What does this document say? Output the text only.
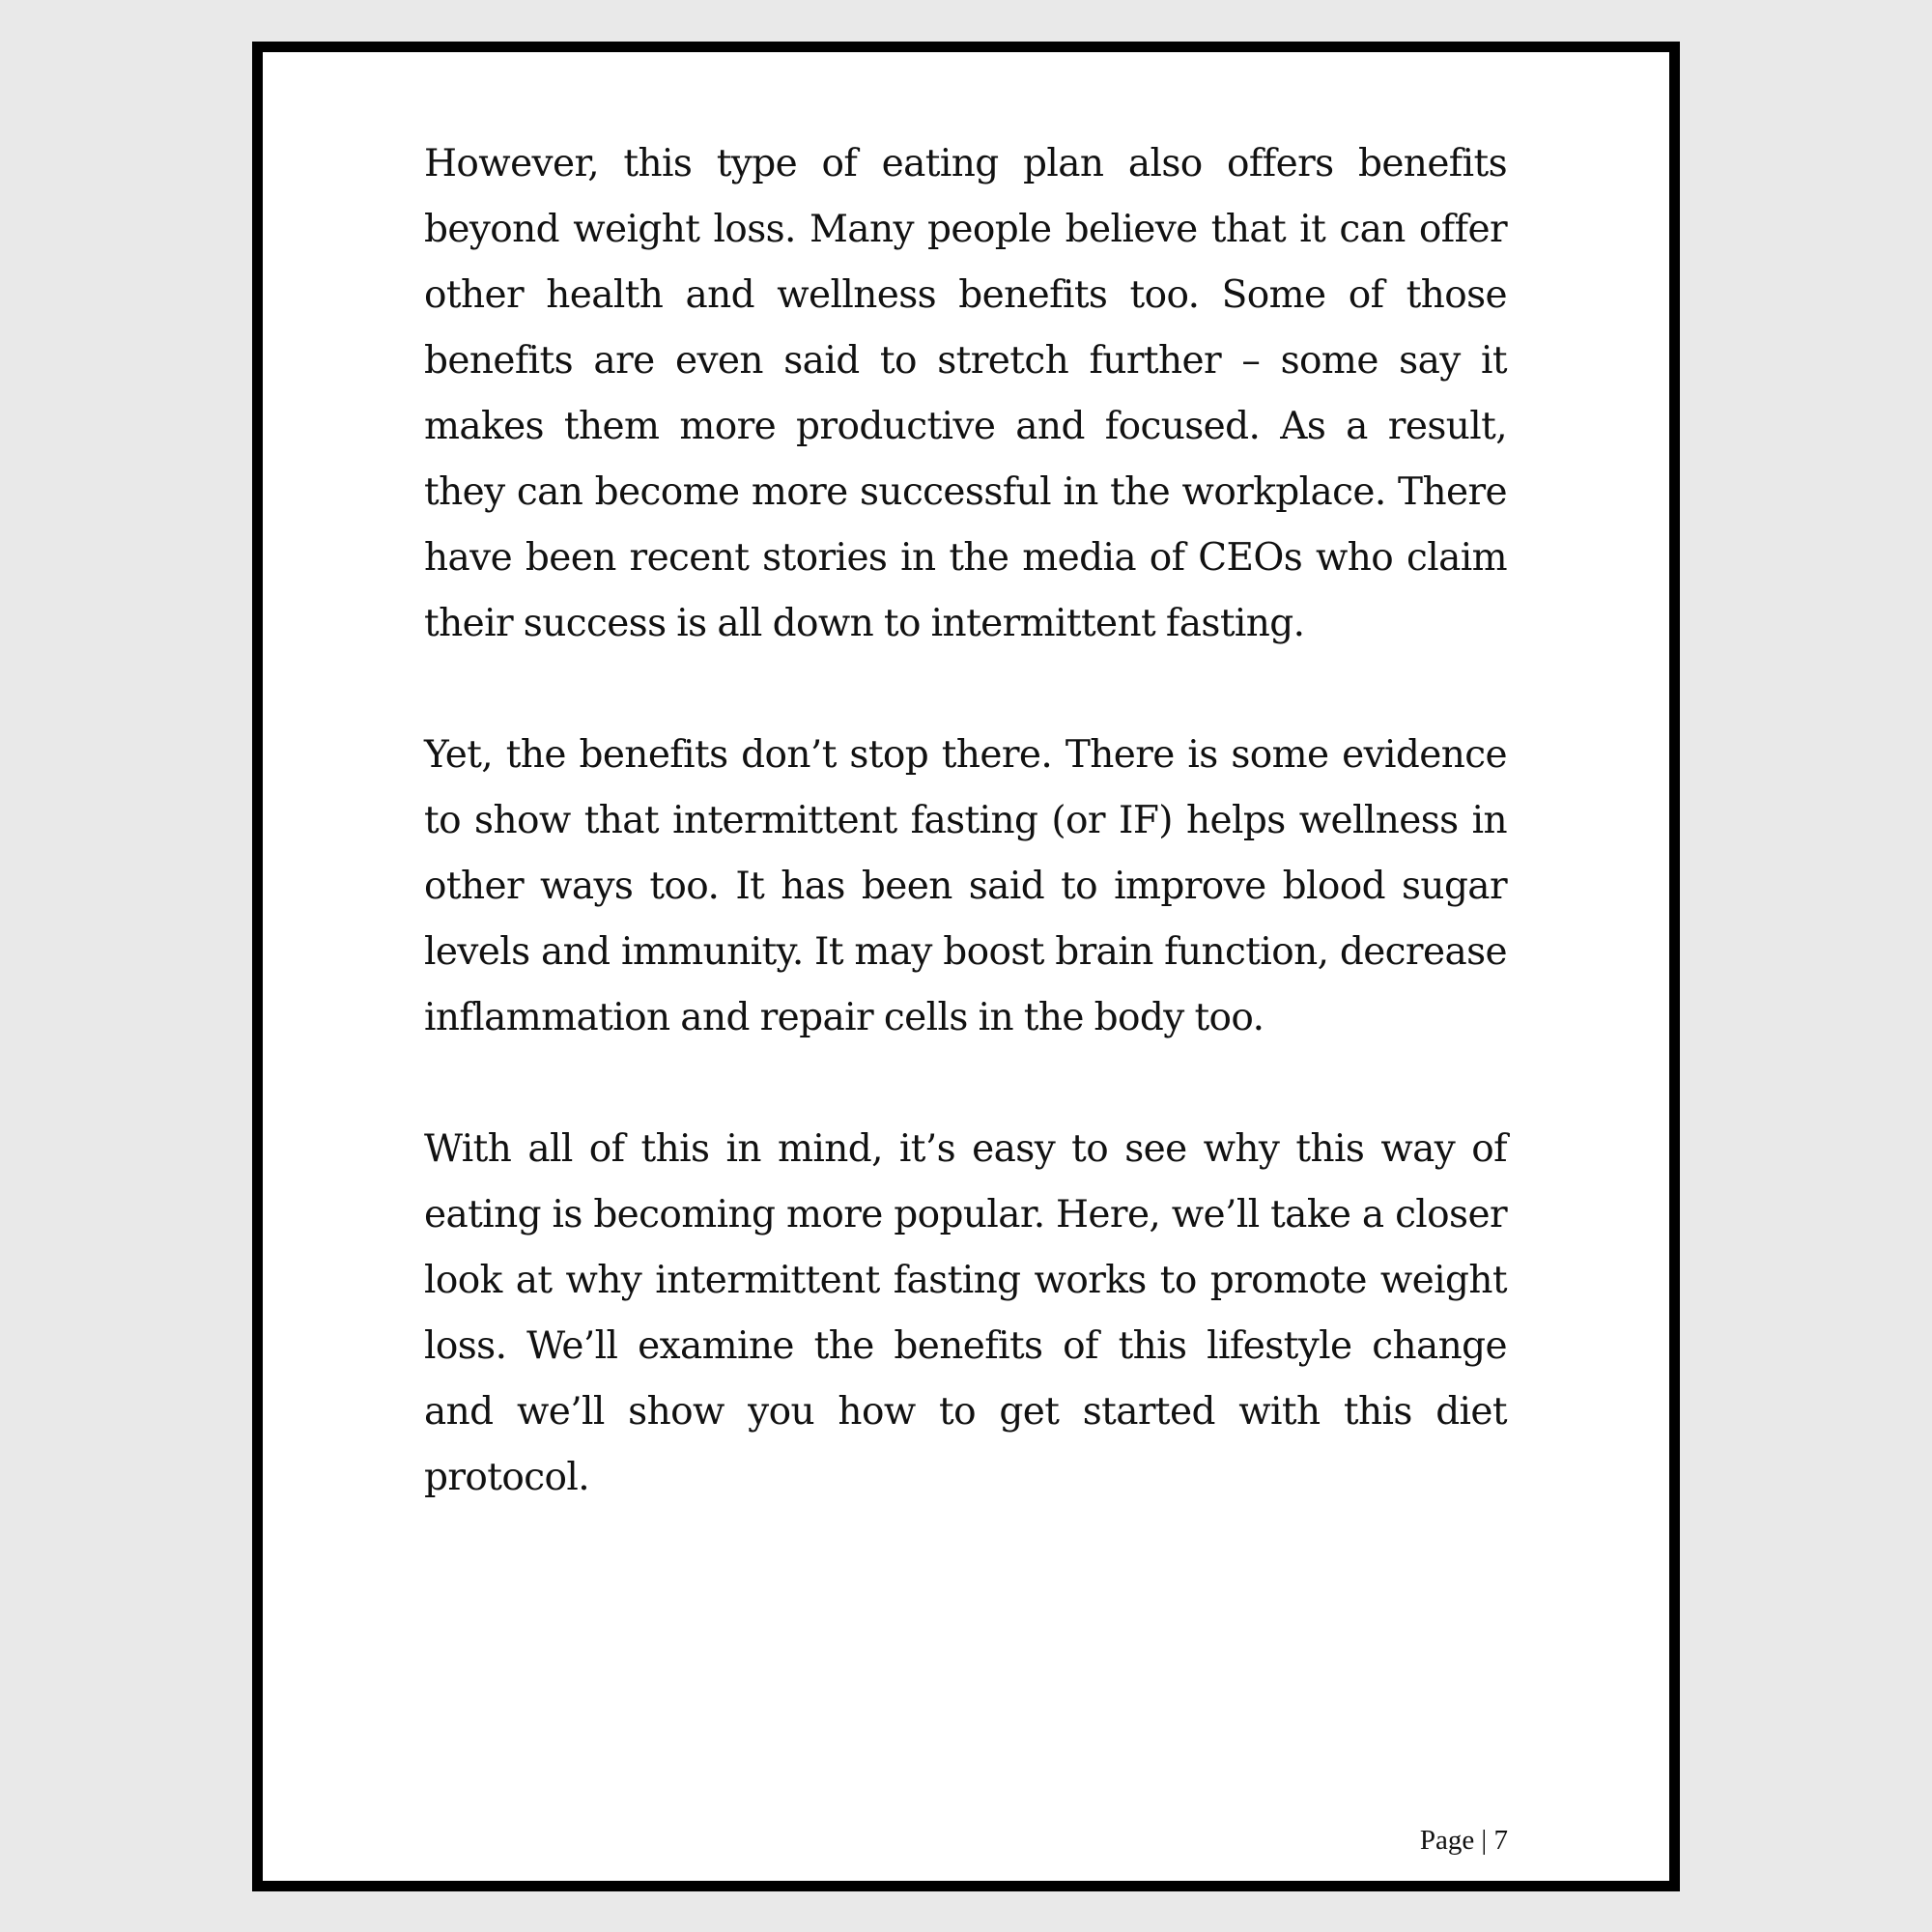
However, this type of eating plan also offers benefits beyond weight loss. Many people believe that it can offer other health and wellness benefits too. Some of those benefits are even said to stretch further – some say it makes them more productive and focused. As a result, they can become more successful in the workplace. There have been recent stories in the media of CEOs who claim their success is all down to intermittent fasting.

Yet, the benefits don’t stop there. There is some evidence to show that intermittent fasting (or IF) helps wellness in other ways too. It has been said to improve blood sugar levels and immunity. It may boost brain function, decrease inflammation and repair cells in the body too.

With all of this in mind, it’s easy to see why this way of eating is becoming more popular. Here, we’ll take a closer look at why intermittent fasting works to promote weight loss. We’ll examine the benefits of this lifestyle change and we’ll show you how to get started with this diet protocol.

Page | 7
